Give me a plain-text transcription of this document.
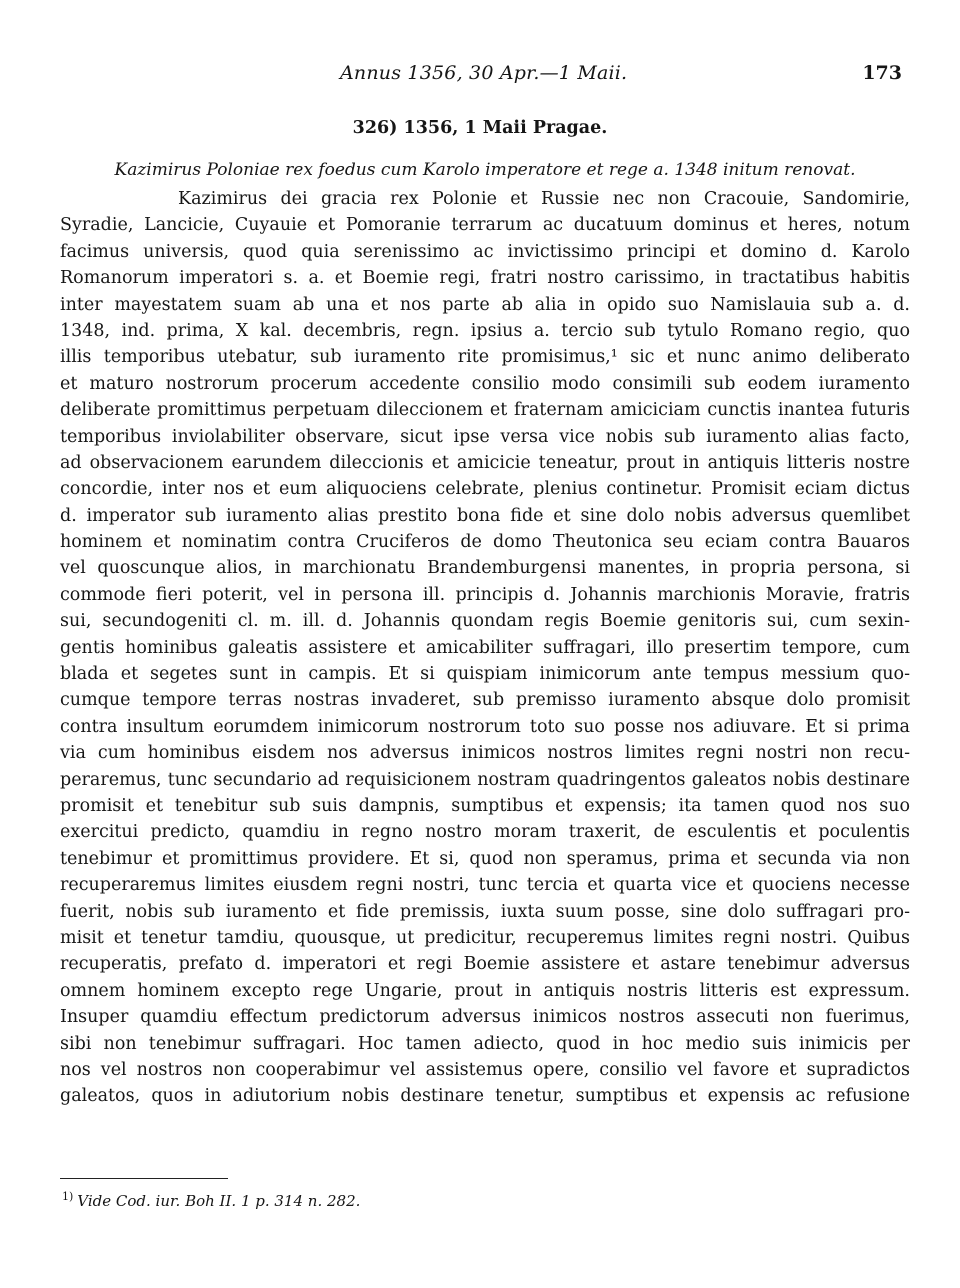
Annus 1356, 30 Apr.—1 Maii.	173
326) 1356, 1 Maii Pragae.
Kazimirus Poloniae rex foedus cum Karolo imperatore et rege a. 1348 initum renovat.
Kazimirus dei gracia rex Polonie et Russie nec non Cracouie, Sandomirie,
Syradie, Lancicie, Cuyauie et Pomoranie terrarum ac ducatuum dominus et heres, notum
facimus universis, quod quia serenissimo ac invictissimo principi et domino d. Karolo
Romanorum imperatori s. a. et Boemie regi, fratri nostro carissimo, in tractatibus habitis
inter mayestatem suam ab una et nos parte ab alia in opido suo Namislauia sub a. d.
1348, ind. prima, X kal. decembris, regn. ipsius a. tercio sub tytulo Romano regio, quo
illis temporibus utebatur, sub iuramento rite promisimus,¹ sic et nunc animo deliberato
et maturo nostrorum procerum accedente consilio modo consimili sub eodem iuramento
deliberate promittimus perpetuam dileccionem et fraternam amiciciam cunctis inantea futuris
temporibus inviolabiliter observare, sicut ipse versa vice nobis sub iuramento alias facto,
ad observacionem earundem dileccionis et amicicie teneatur, prout in antiquis litteris nostre
concordie, inter nos et eum aliquociens celebrate, plenius continetur. Promisit eciam dictus
d. imperator sub iuramento alias prestito bona fide et sine dolo nobis adversus quemlibet
hominem et nominatim contra Cruciferos de domo Theutonica seu eciam contra Bauaros
vel quoscunque alios, in marchionatu Brandemburgensi manentes, in propria persona, si
commode fieri poterit, vel in persona ill. principis d. Johannis marchionis Moravie, fratris
sui, secundogeniti cl. m. ill. d. Johannis quondam regis Boemie genitoris sui, cum sexin-
gentis hominibus galeatis assistere et amicabiliter suffragari, illo presertim tempore, cum
blada et segetes sunt in campis. Et si quispiam inimicorum ante tempus messium quo-
cumque tempore terras nostras invaderet, sub premisso iuramento absque dolo promisit
contra insultum eorumdem inimicorum nostrorum toto suo posse nos adiuvare. Et si prima
via cum hominibus eisdem nos adversus inimicos nostros limites regni nostri non recu-
peraremus, tunc secundario ad requisicionem nostram quadringentos galeatos nobis destinare
promisit et tenebitur sub suis dampnis, sumptibus et expensis; ita tamen quod nos suo
exercitui predicto, quamdiu in regno nostro moram traxerit, de esculentis et poculentis
tenebimur et promittimus providere. Et si, quod non speramus, prima et secunda via non
recuperaremus limites eiusdem regni nostri, tunc tercia et quarta vice et quociens necesse
fuerit, nobis sub iuramento et fide premissis, iuxta suum posse, sine dolo suffragari pro-
misit et tenetur tamdiu, quousque, ut predicitur, recuperemus limites regni nostri. Quibus
recuperatis, prefato d. imperatori et regi Boemie assistere et astare tenebimur adversus
omnem hominem excepto rege Ungarie, prout in antiquis nostris litteris est expressum.
Insuper quamdiu effectum predictorum adversus inimicos nostros assecuti non fuerimus,
sibi non tenebimur suffragari. Hoc tamen adiecto, quod in hoc medio suis inimicis per
nos vel nostros non cooperabimur vel assistemus opere, consilio vel favore et supradictos
galeatos, quos in adiutorium nobis destinare tenetur, sumptibus et expensis ac refusione
$^{1)}$ Vide Cod. iur. Boh II. 1 p. 314 n. 282.
